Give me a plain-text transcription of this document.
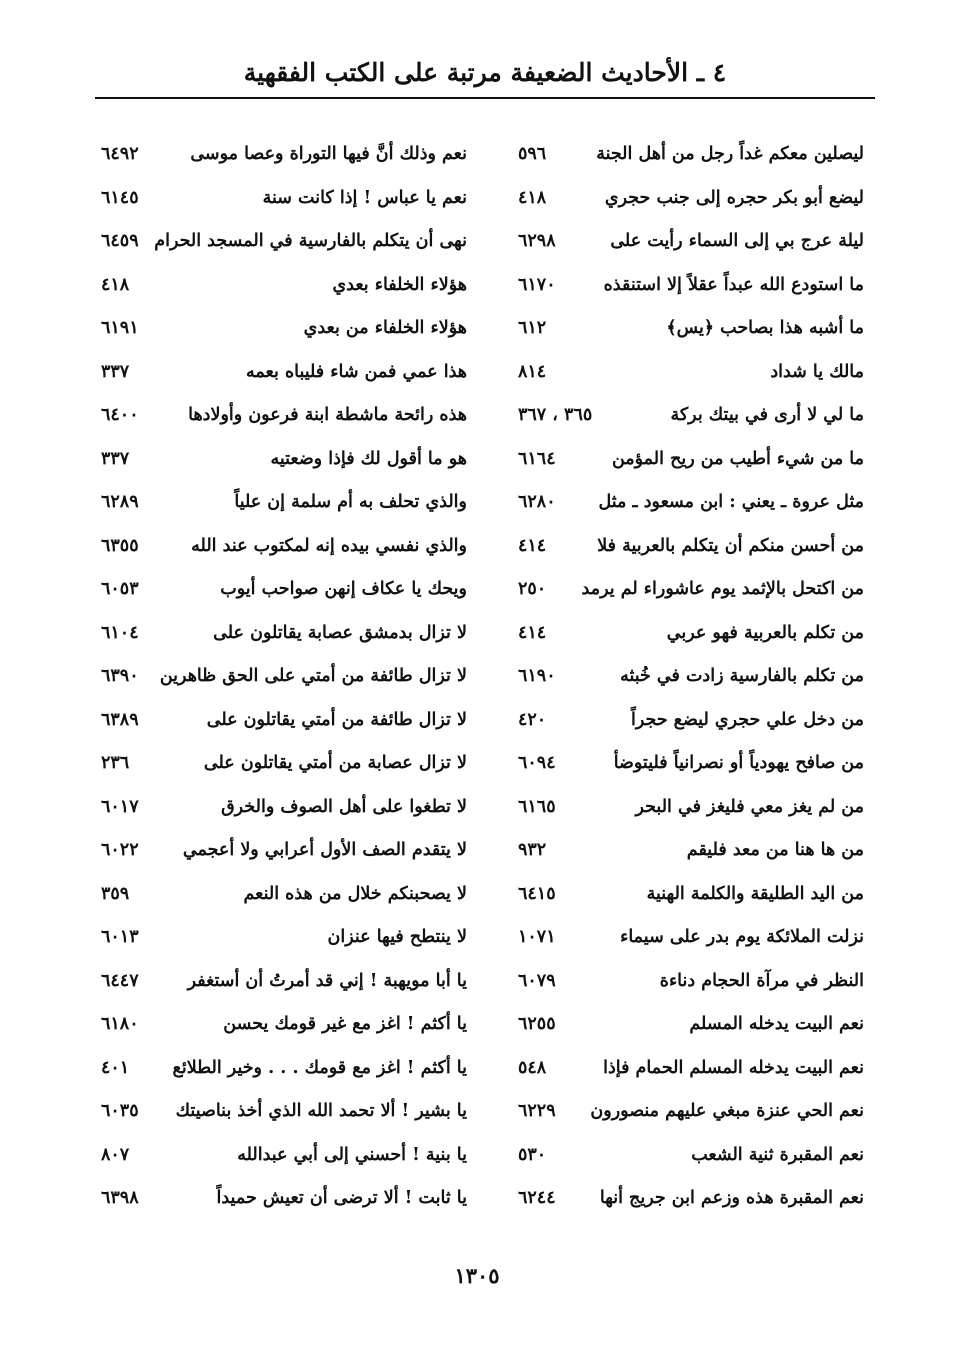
٤ ـ الأحاديث الضعيفة مرتبة على الكتب الفقهية
ليصلين معكم غداً رجل من أهل الجنة
٥٩٦
ليضع أبو بكر حجره إلى جنب حجري
٤١٨
ليلة عرج بي إلى السماء رأيت على
٦٢٩٨
ما استودع الله عبداً عقلاً إلا استنقذه
٦١٧٠
ما أشبه هذا بصاحب ﴿يس﴾
٦١٢
مالك يا شداد
٨١٤
ما لي لا أرى في بيتك بركة
٣٦٥ ، ٣٦٧
ما من شيء أطيب من ريح المؤمن
٦١٦٤
مثل عروة ـ يعني : ابن مسعود ـ مثل
٦٢٨٠
من أحسن منكم أن يتكلم بالعربية فلا
٤١٤
من اكتحل بالإثمد يوم عاشوراء لم يرمد
٢٥٠
من تكلم بالعربية فهو عربي
٤١٤
من تكلم بالفارسية زادت في خُبثه
٦١٩٠
من دخل علي حجري ليضع حجراً
٤٢٠
من صافح يهودياً أو نصرانياً فليتوضأ
٦٠٩٤
من لم يغز معي فليغز في البحر
٦١٦٥
من ها هنا من معد فليقم
٩٣٢
من اليد الطليقة والكلمة الهنية
٦٤١٥
نزلت الملائكة يوم بدر على سيماء
١٠٧١
النظر في مرآة الحجام دناءة
٦٠٧٩
نعم البيت يدخله المسلم
٦٢٥٥
نعم البيت يدخله المسلم الحمام فإذا
٥٤٨
نعم الحي عنزة مبغي عليهم منصورون
٦٢٢٩
نعم المقبرة ثنية الشعب
٥٣٠
نعم المقبرة هذه وزعم ابن جريج أنها
٦٢٤٤
نعم وذلك أنَّ فيها التوراة وعصا موسى
٦٤٩٢
نعم يا عباس ! إذا كانت سنة
٦١٤٥
نهى أن يتكلم بالفارسية في المسجد الحرام
٦٤٥٩
هؤلاء الخلفاء بعدي
٤١٨
هؤلاء الخلفاء من بعدي
٦١٩١
هذا عمي فمن شاء فليباه بعمه
٣٣٧
هذه رائحة ماشطة ابنة فرعون وأولادها
٦٤٠٠
هو ما أقول لك فإذا وضعتيه
٣٣٧
والذي تحلف به أم سلمة إن علياً
٦٢٨٩
والذي نفسي بيده إنه لمكتوب عند الله
٦٣٥٥
ويحك يا عكاف إنهن صواحب أيوب
٦٠٥٣
لا تزال بدمشق عصابة يقاتلون على
٦١٠٤
لا تزال طائفة من أمتي على الحق ظاهرين
٦٣٩٠
لا تزال طائفة من أمتي يقاتلون على
٦٣٨٩
لا تزال عصابة من أمتي يقاتلون على
٢٣٦
لا تطغوا على أهل الصوف والخرق
٦٠١٧
لا يتقدم الصف الأول أعرابي ولا أعجمي
٦٠٢٢
لا يصحبنكم خلال من هذه النعم
٣٥٩
لا ينتطح فيها عنزان
٦٠١٣
يا أبا مويهبة ! إني قد أمرتُ أن أستغفر
٦٤٤٧
يا أكثم ! اغز مع غير قومك يحسن
٦١٨٠
يا أكثم ! اغز مع قومك . . . وخير الطلائع
٤٠١
يا بشير ! ألا تحمد الله الذي أخذ بناصيتك
٦٠٣٥
يا بنية ! أحسني إلى أبي عبدالله
٨٠٧
يا ثابت ! ألا ترضى أن تعيش حميداً
٦٣٩٨
١٣٠٥
